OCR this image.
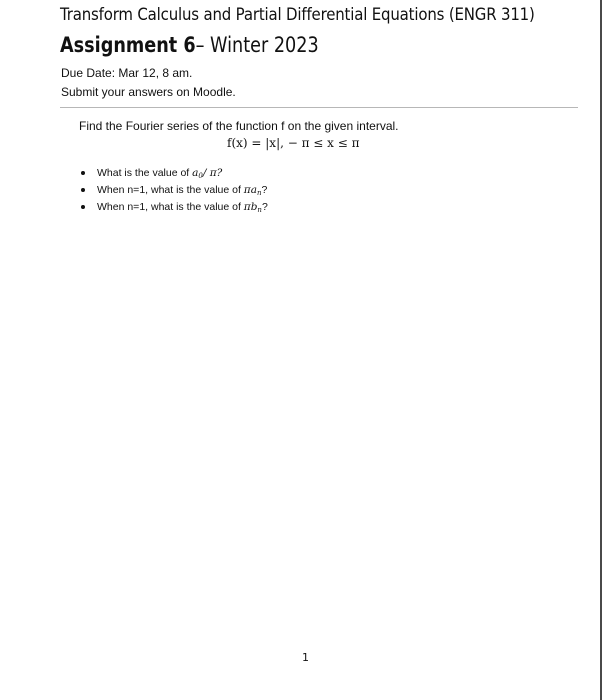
Transform Calculus and Partial Differential Equations (ENGR 311)
Assignment 6– Winter 2023
Due Date: Mar 12, 8 am.
Submit your answers on Moodle.
Find the Fourier series of the function f on the given interval.
f(x) = |x|, − π ≤ x ≤ π
What is the value of $a_0/$ π?
When n=1, what is the value of $\pi a_n$?
When n=1, what is the value of $\pi b_n$?
1
